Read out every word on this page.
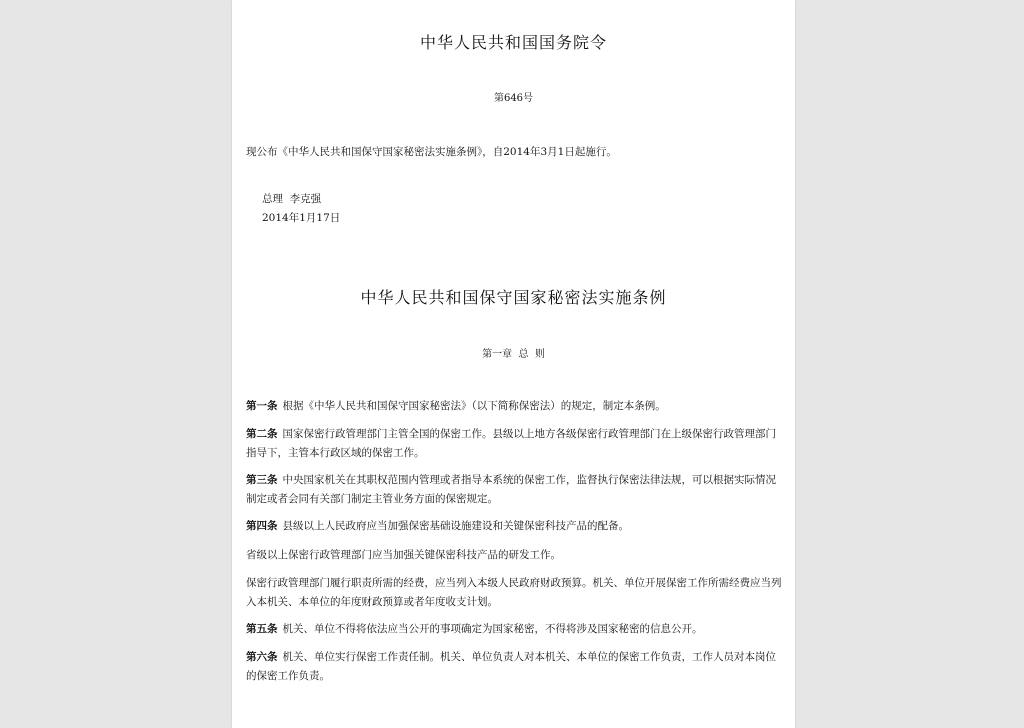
中华人民共和国国务院令
第646号
现公布《中华人民共和国保守国家秘密法实施条例》，自2014年3月1日起施行。
总理  李克强
2014年1月17日
中华人民共和国保守国家秘密法实施条例
第一章  总  则
第一条 根据《中华人民共和国保守国家秘密法》（以下简称保密法）的规定，制定本条例。
第二条 国家保密行政管理部门主管全国的保密工作。县级以上地方各级保密行政管理部门在上级保密行政管理部门指导下，主管本行政区域的保密工作。
第三条 中央国家机关在其职权范围内管理或者指导本系统的保密工作，监督执行保密法律法规，可以根据实际情况制定或者会同有关部门制定主管业务方面的保密规定。
第四条 县级以上人民政府应当加强保密基础设施建设和关键保密科技产品的配备。
省级以上保密行政管理部门应当加强关键保密科技产品的研发工作。
保密行政管理部门履行职责所需的经费，应当列入本级人民政府财政预算。机关、单位开展保密工作所需经费应当列入本机关、本单位的年度财政预算或者年度收支计划。
第五条 机关、单位不得将依法应当公开的事项确定为国家秘密，不得将涉及国家秘密的信息公开。
第六条 机关、单位实行保密工作责任制。机关、单位负责人对本机关、本单位的保密工作负责，工作人员对本岗位的保密工作负责。
